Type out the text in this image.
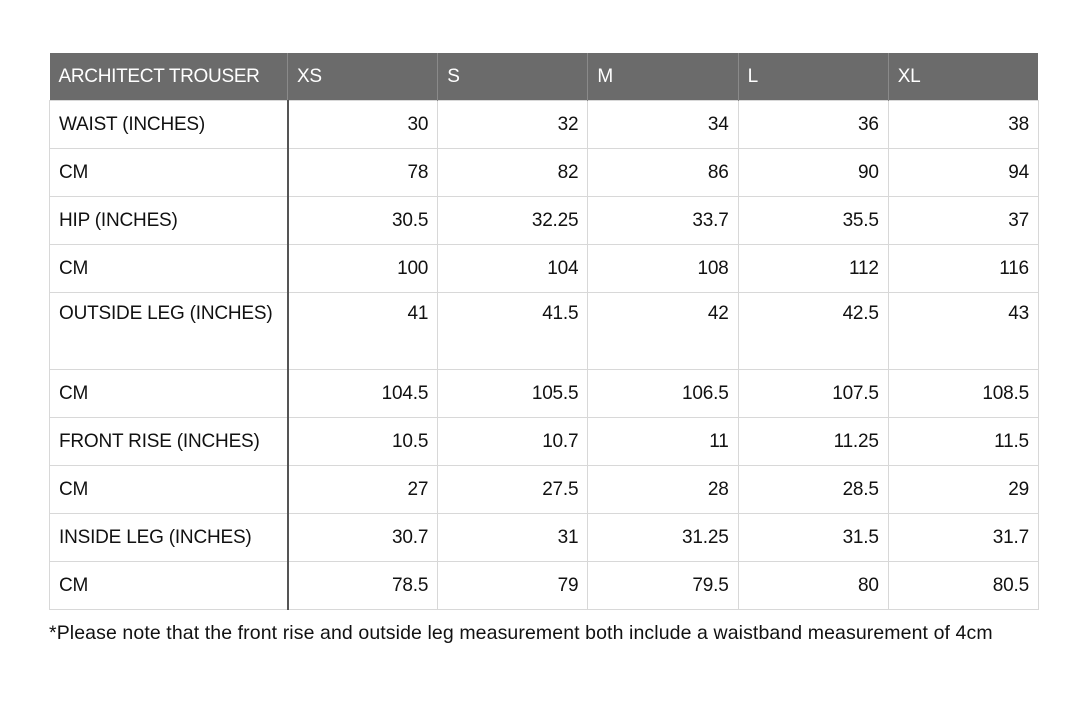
ARCHITECT TROUSER	XS	S	M	L	XL
WAIST (INCHES)	30	32	34	36	38
CM	78	82	86	90	94
HIP (INCHES)	30.5	32.25	33.7	35.5	37
CM	100	104	108	112	116
OUTSIDE LEG (INCHES)	41	41.5	42	42.5	43
CM	104.5	105.5	106.5	107.5	108.5
FRONT RISE (INCHES)	10.5	10.7	11	11.25	11.5
CM	27	27.5	28	28.5	29
INSIDE LEG (INCHES)	30.7	31	31.25	31.5	31.7
CM	78.5	79	79.5	80	80.5
*Please note that the front rise and outside leg measurement both include a waistband measurement of 4cm
